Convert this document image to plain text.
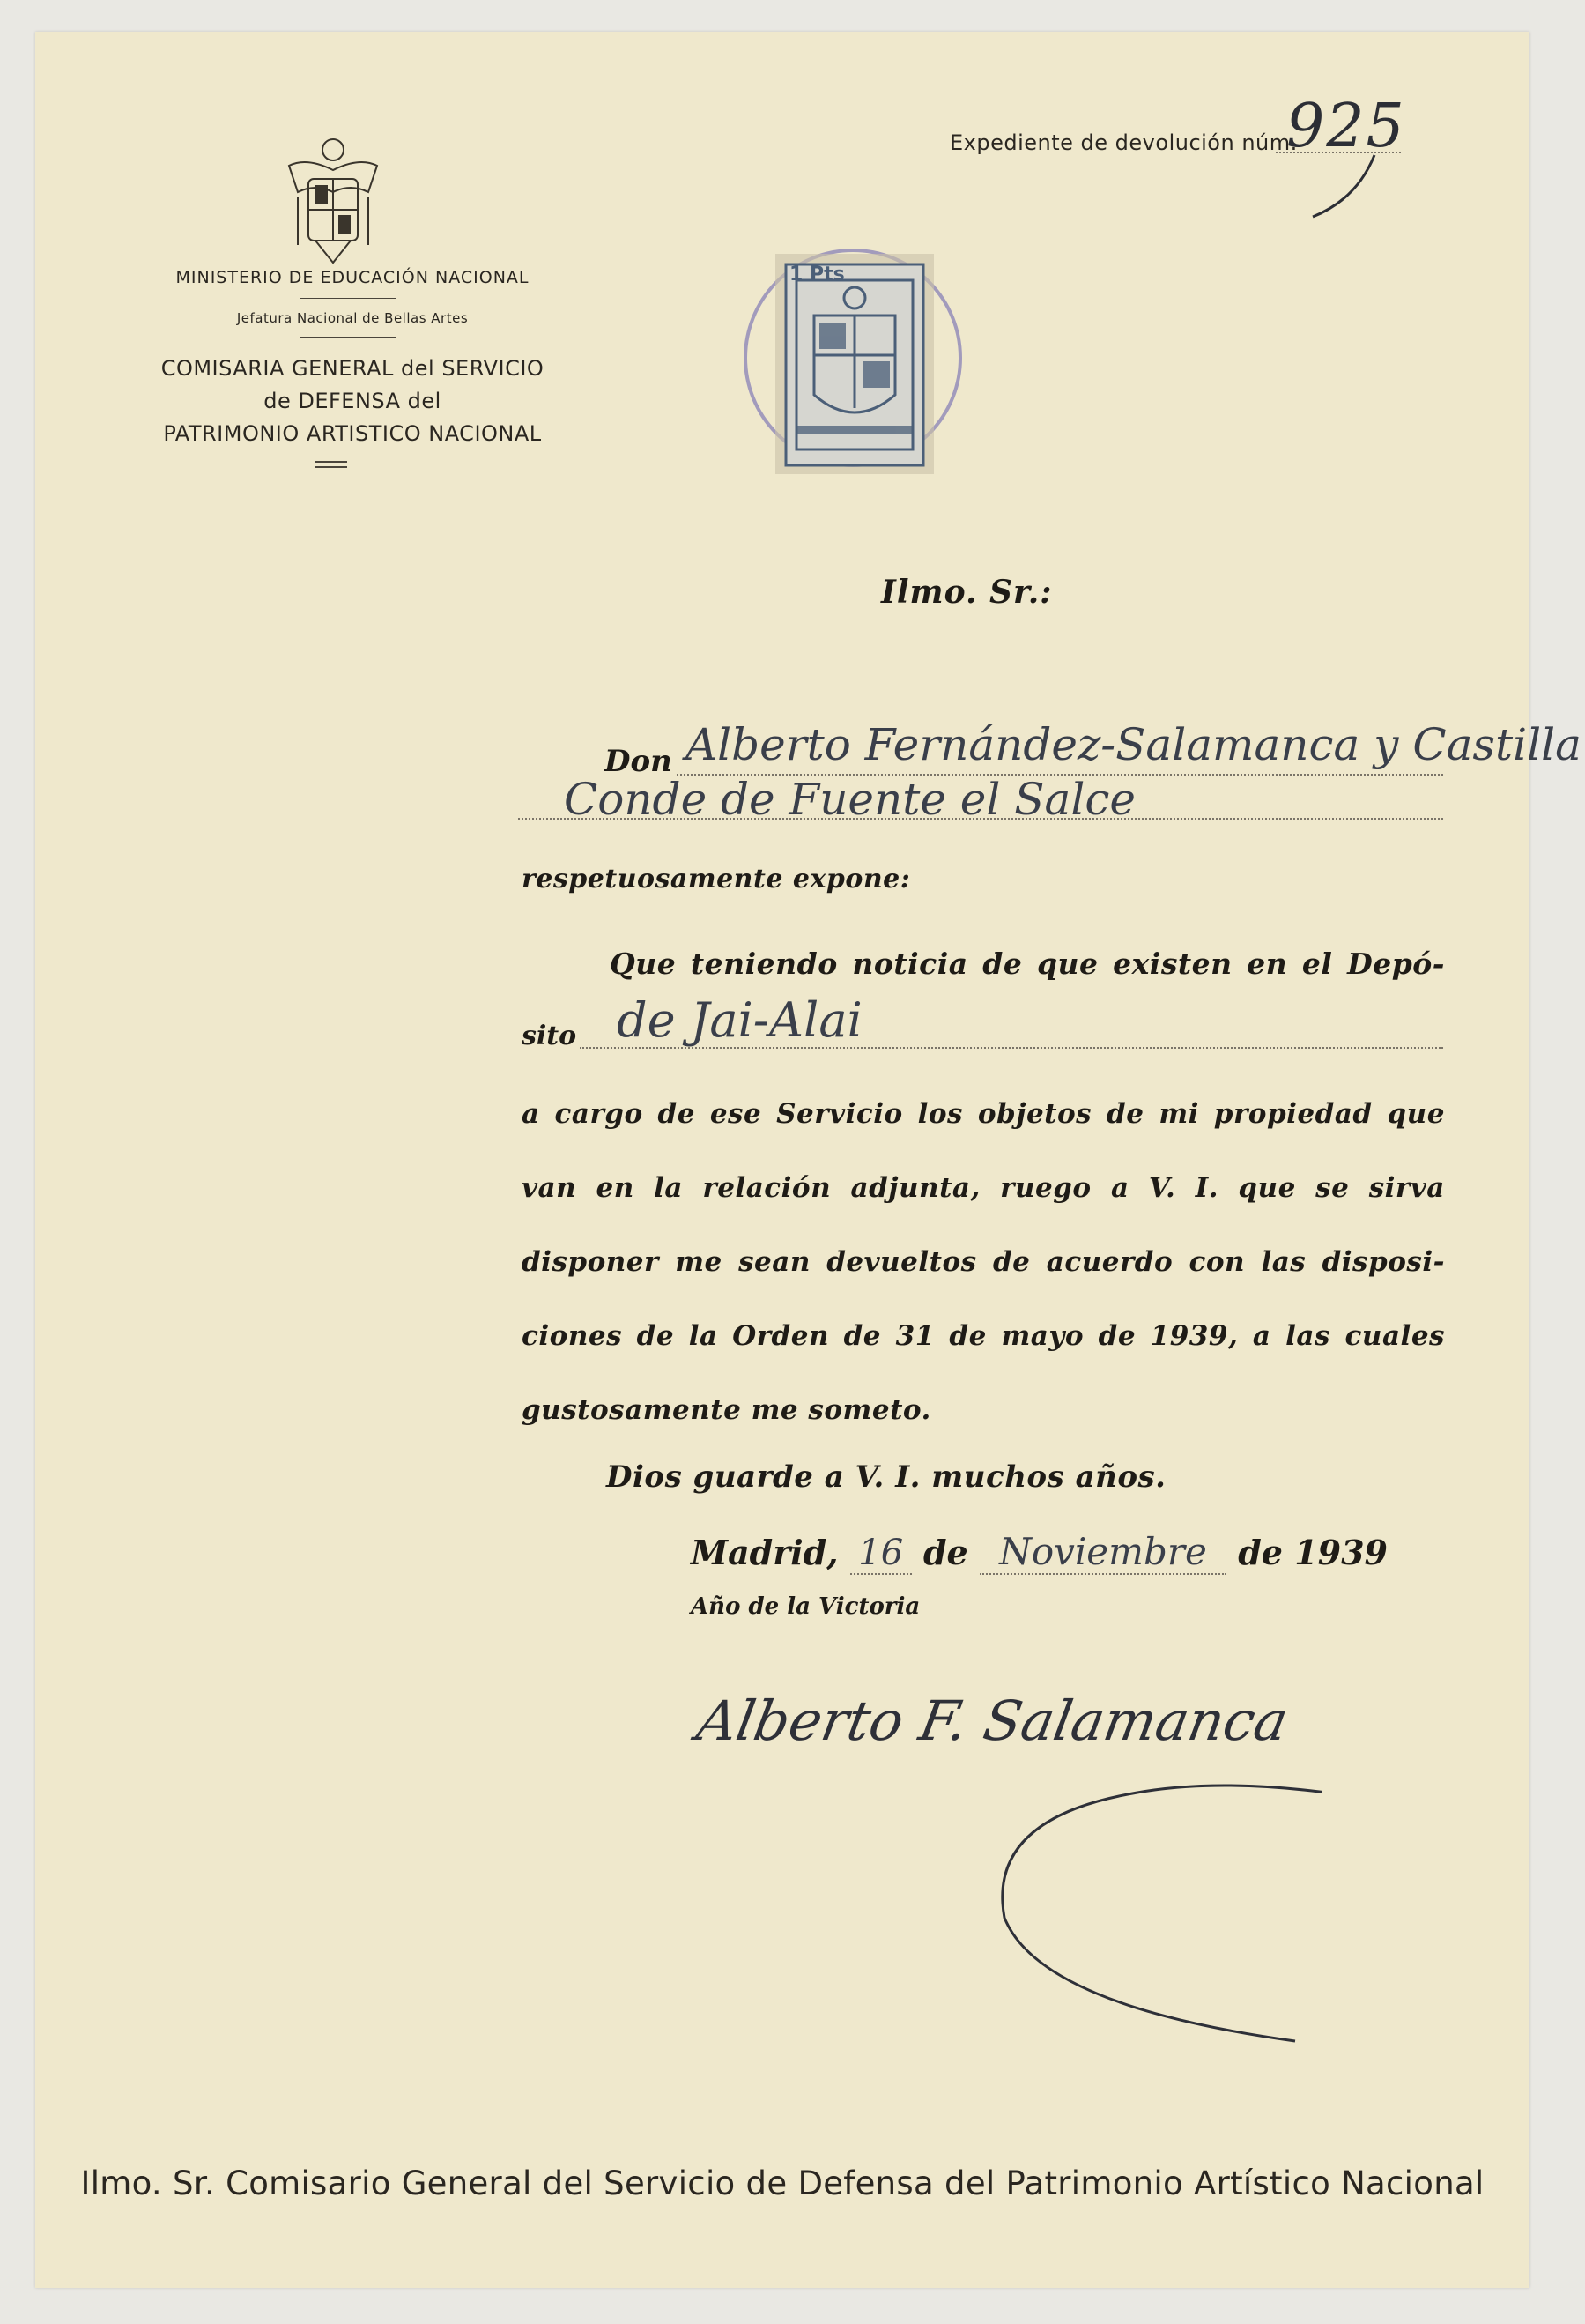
MINISTERIO DE EDUCACIÓN NACIONAL
Jefatura Nacional de Bellas Artes
COMISARIA GENERAL del SERVICIO
de DEFENSA del
PATRIMONIO ARTISTICO NACIONAL
Expediente de devolución núm.
925
1 Pts
Ilmo. Sr.:
Don Alberto Fernández-Salamanca y Castilla
Conde de Fuente el Salce
respetuosamente expone:
Que teniendo noticia de que existen en el Depó-
sito de Jai-Alai
a cargo de ese Servicio los objetos de mi propiedad que
van en la relación adjunta, ruego a V. I. que se sirva
disponer me sean devueltos de acuerdo con las disposi-
ciones de la Orden de 31 de mayo de 1939, a las cuales
gustosamente me someto.
Dios guarde a V. I. muchos años.
Madrid, 16 de Noviembre de 1939
Año de la Victoria
Alberto F. Salamanca
Ilmo. Sr. Comisario General del Servicio de Defensa del Patrimonio Artístico Nacional
